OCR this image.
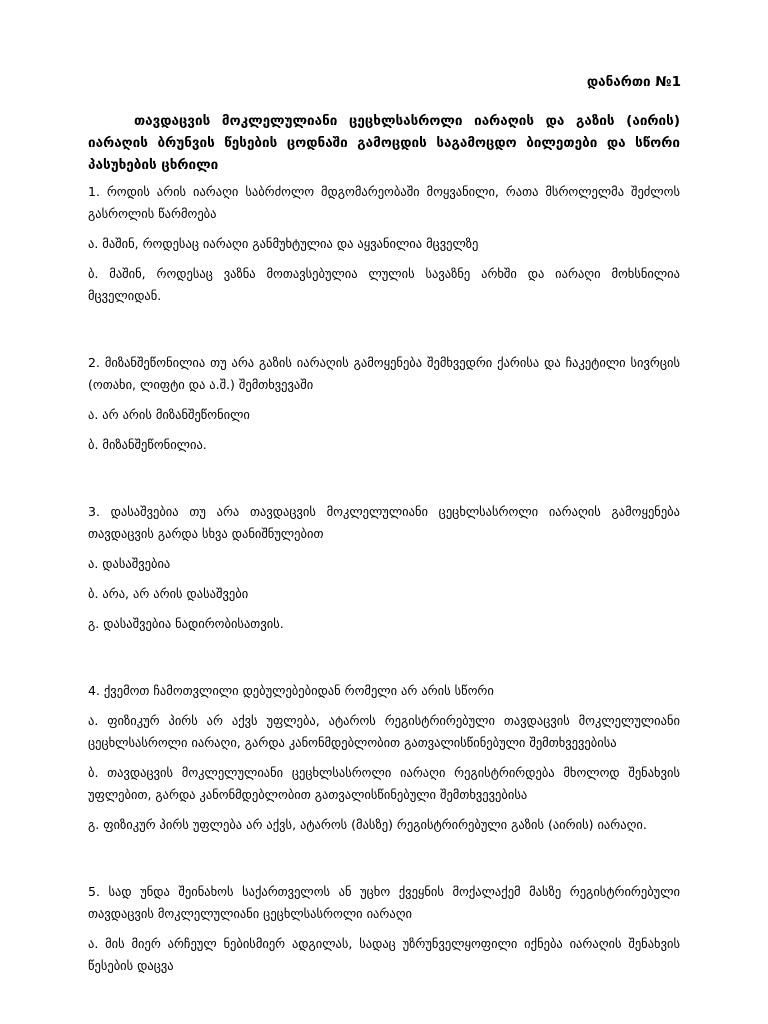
დანართი №1

თავდაცვის მოკლელულიანი ცეცხლსასროლი იარაღის და გაზის (აირის) იარაღის ბრუნვის წესების ცოდნაში გამოცდის საგამოცდო ბილეთები და სწორი პასუხების ცხრილი

1. როდის არის იარაღი საბრძოლო მდგომარეობაში მოყვანილი, რათა მსროლელმა შეძლოს გასროლის წარმოება

ა. მაშინ, როდესაც იარაღი განმუხტულია და აყვანილია მცველზე

ბ. მაშინ, როდესაც ვაზნა მოთავსებულია ლულის სავაზნე არხში და იარაღი მოხსნილია მცველიდან.

2. მიზანშეწონილია თუ არა გაზის იარაღის გამოყენება შემხვედრი ქარისა და ჩაკეტილი სივრცის (ოთახი, ლიფტი და ა.შ.) შემთხვევაში

ა. არ არის მიზანშეწონილი

ბ. მიზანშეწონილია.

3. დასაშვებია თუ არა თავდაცვის მოკლელულიანი ცეცხლსასროლი იარაღის გამოყენება თავდაცვის გარდა სხვა დანიშნულებით

ა. დასაშვებია

ბ. არა, არ არის დასაშვები

გ. დასაშვებია ნადირობისათვის.

4. ქვემოთ ჩამოთვლილი დებულებებიდან რომელი არ არის სწორი

ა. ფიზიკურ პირს არ აქვს უფლება, ატაროს რეგისტრირებული თავდაცვის მოკლელულიანი ცეცხლსასროლი იარაღი, გარდა კანონმდებლობით გათვალისწინებული შემთხვევებისა

ბ. თავდაცვის მოკლელულიანი ცეცხლსასროლი იარაღი რეგისტრირდება მხოლოდ შენახვის უფლებით, გარდა კანონმდებლობით გათვალისწინებული შემთხვევებისა

გ. ფიზიკურ პირს უფლება არ აქვს, ატაროს (მასზე) რეგისტრირებული გაზის (აირის) იარაღი.

5. სად უნდა შეინახოს საქართველოს ან უცხო ქვეყნის მოქალაქემ მასზე რეგისტრირებული თავდაცვის მოკლელულიანი ცეცხლსასროლი იარაღი

ა. მის მიერ არჩეულ ნებისმიერ ადგილას, სადაც უზრუნველყოფილი იქნება იარაღის შენახვის წესების დაცვა
